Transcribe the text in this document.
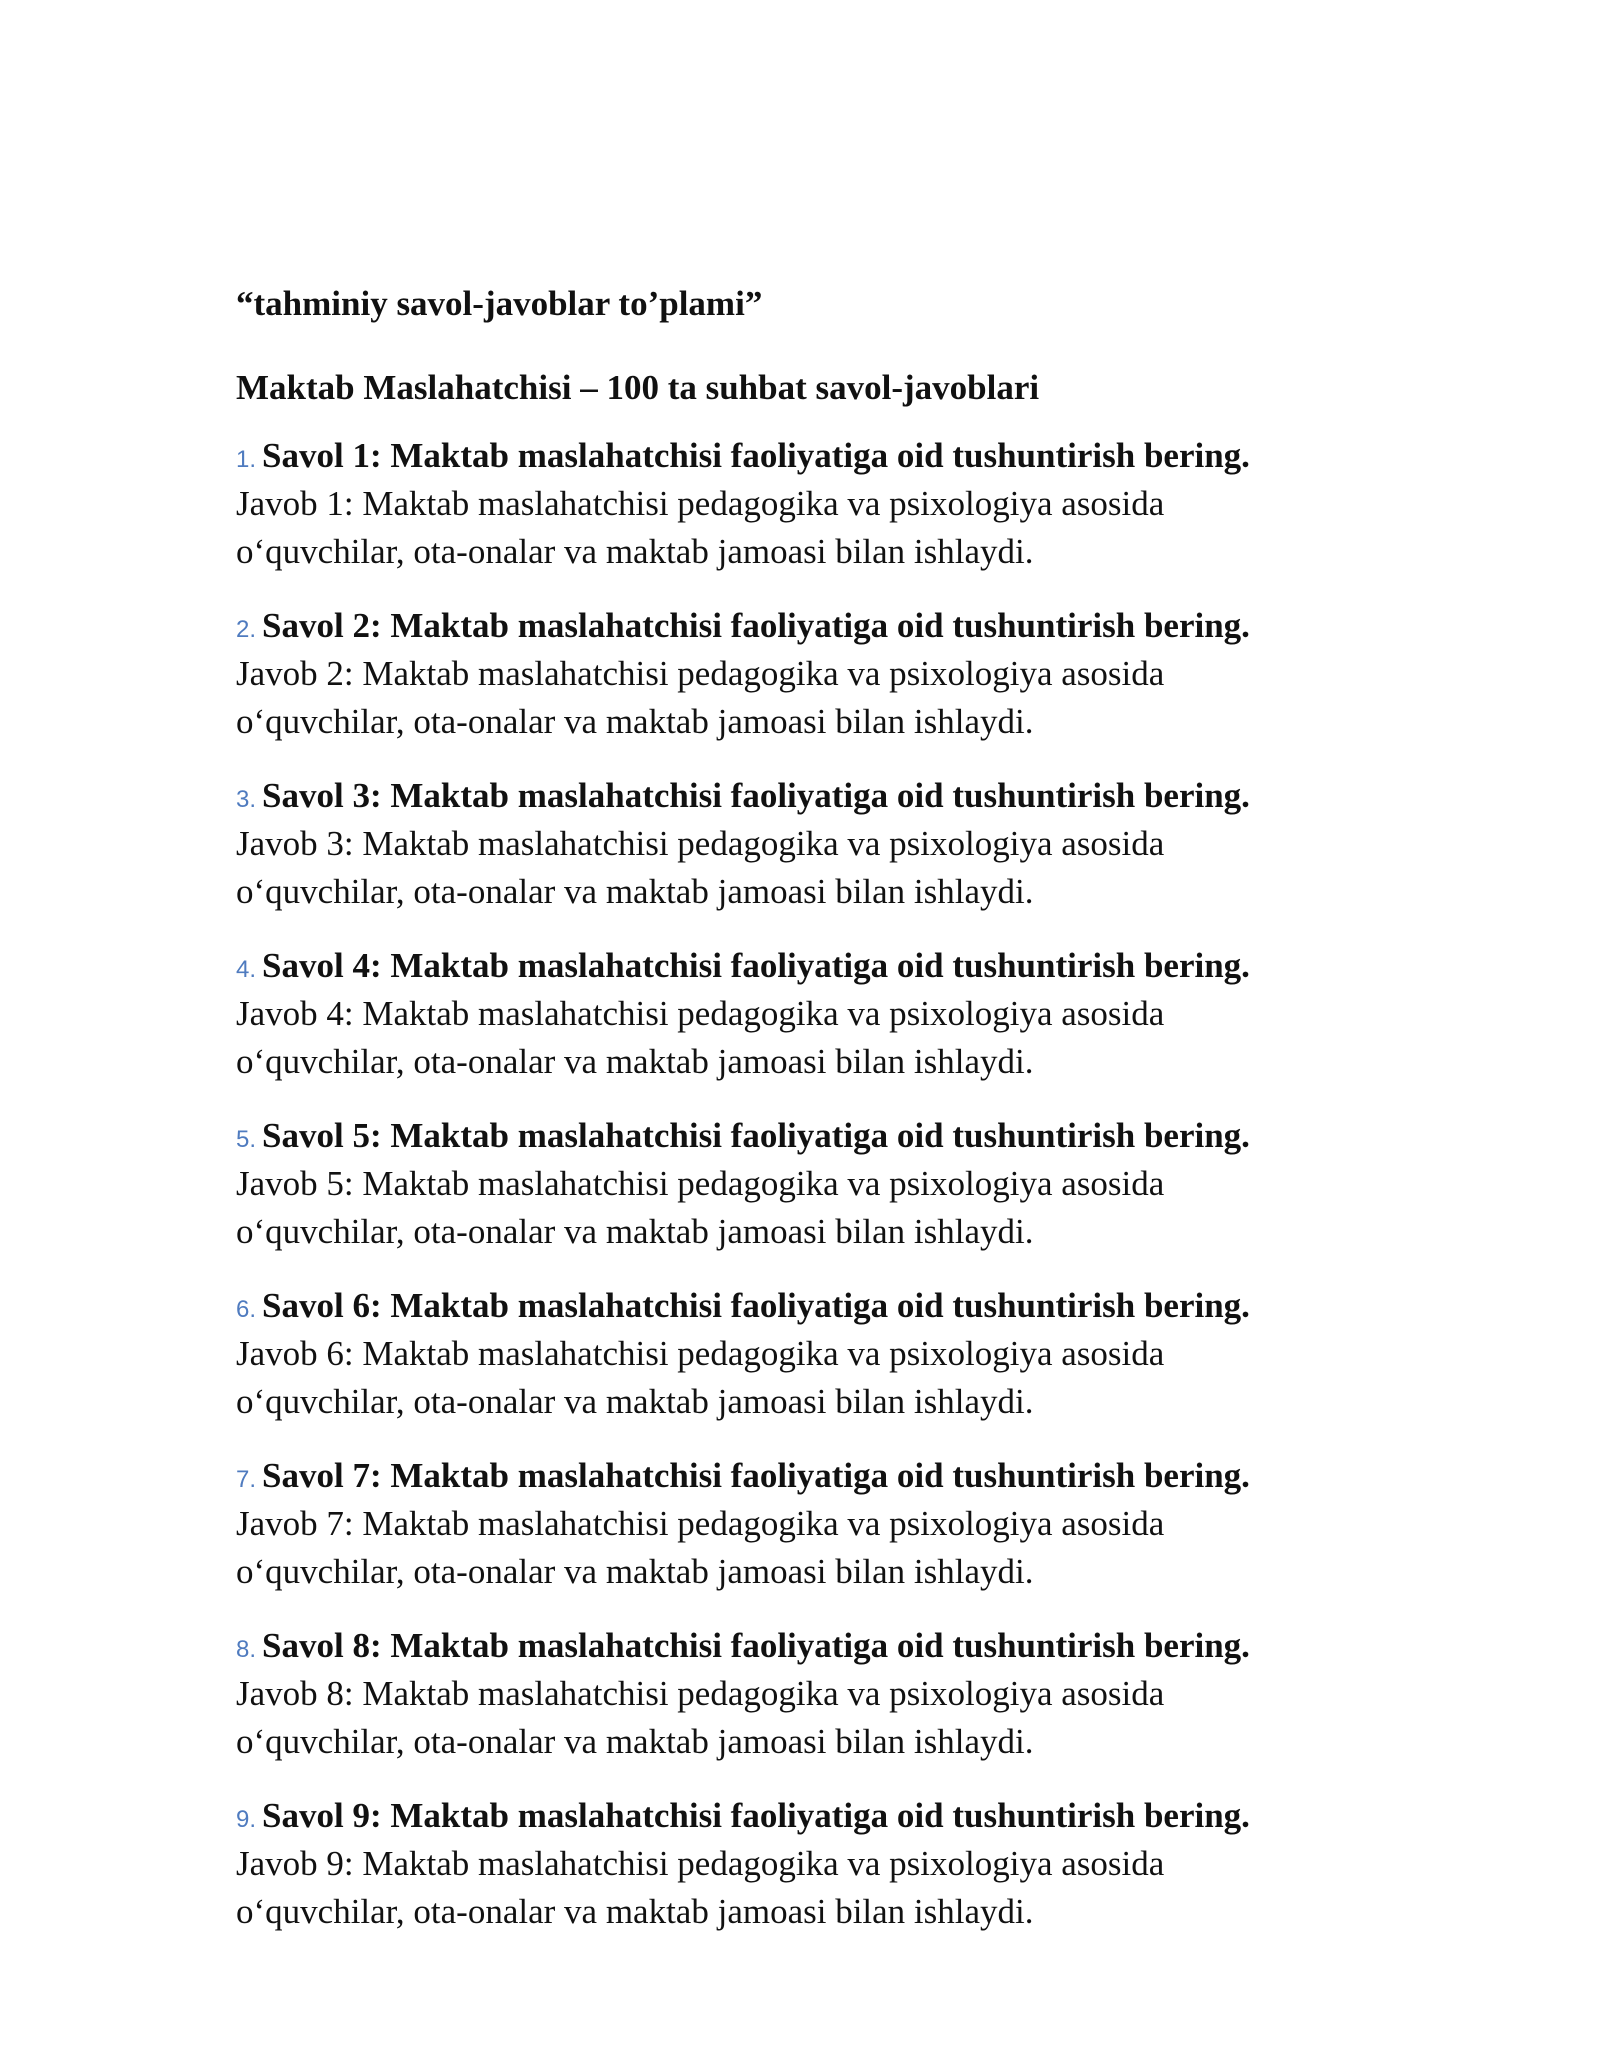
“tahminiy savol-javoblar to’plami”

Maktab Maslahatchisi – 100 ta suhbat savol-javoblari

1. Savol 1: Maktab maslahatchisi faoliyatiga oid tushuntirish bering.
Javob 1: Maktab maslahatchisi pedagogika va psixologiya asosida o‘quvchilar, ota-onalar va maktab jamoasi bilan ishlaydi.
2. Savol 2: Maktab maslahatchisi faoliyatiga oid tushuntirish bering.
Javob 2: Maktab maslahatchisi pedagogika va psixologiya asosida o‘quvchilar, ota-onalar va maktab jamoasi bilan ishlaydi.
3. Savol 3: Maktab maslahatchisi faoliyatiga oid tushuntirish bering.
Javob 3: Maktab maslahatchisi pedagogika va psixologiya asosida o‘quvchilar, ota-onalar va maktab jamoasi bilan ishlaydi.
4. Savol 4: Maktab maslahatchisi faoliyatiga oid tushuntirish bering.
Javob 4: Maktab maslahatchisi pedagogika va psixologiya asosida o‘quvchilar, ota-onalar va maktab jamoasi bilan ishlaydi.
5. Savol 5: Maktab maslahatchisi faoliyatiga oid tushuntirish bering.
Javob 5: Maktab maslahatchisi pedagogika va psixologiya asosida o‘quvchilar, ota-onalar va maktab jamoasi bilan ishlaydi.
6. Savol 6: Maktab maslahatchisi faoliyatiga oid tushuntirish bering.
Javob 6: Maktab maslahatchisi pedagogika va psixologiya asosida o‘quvchilar, ota-onalar va maktab jamoasi bilan ishlaydi.
7. Savol 7: Maktab maslahatchisi faoliyatiga oid tushuntirish bering.
Javob 7: Maktab maslahatchisi pedagogika va psixologiya asosida o‘quvchilar, ota-onalar va maktab jamoasi bilan ishlaydi.
8. Savol 8: Maktab maslahatchisi faoliyatiga oid tushuntirish bering.
Javob 8: Maktab maslahatchisi pedagogika va psixologiya asosida o‘quvchilar, ota-onalar va maktab jamoasi bilan ishlaydi.
9. Savol 9: Maktab maslahatchisi faoliyatiga oid tushuntirish bering.
Javob 9: Maktab maslahatchisi pedagogika va psixologiya asosida o‘quvchilar, ota-onalar va maktab jamoasi bilan ishlaydi.
